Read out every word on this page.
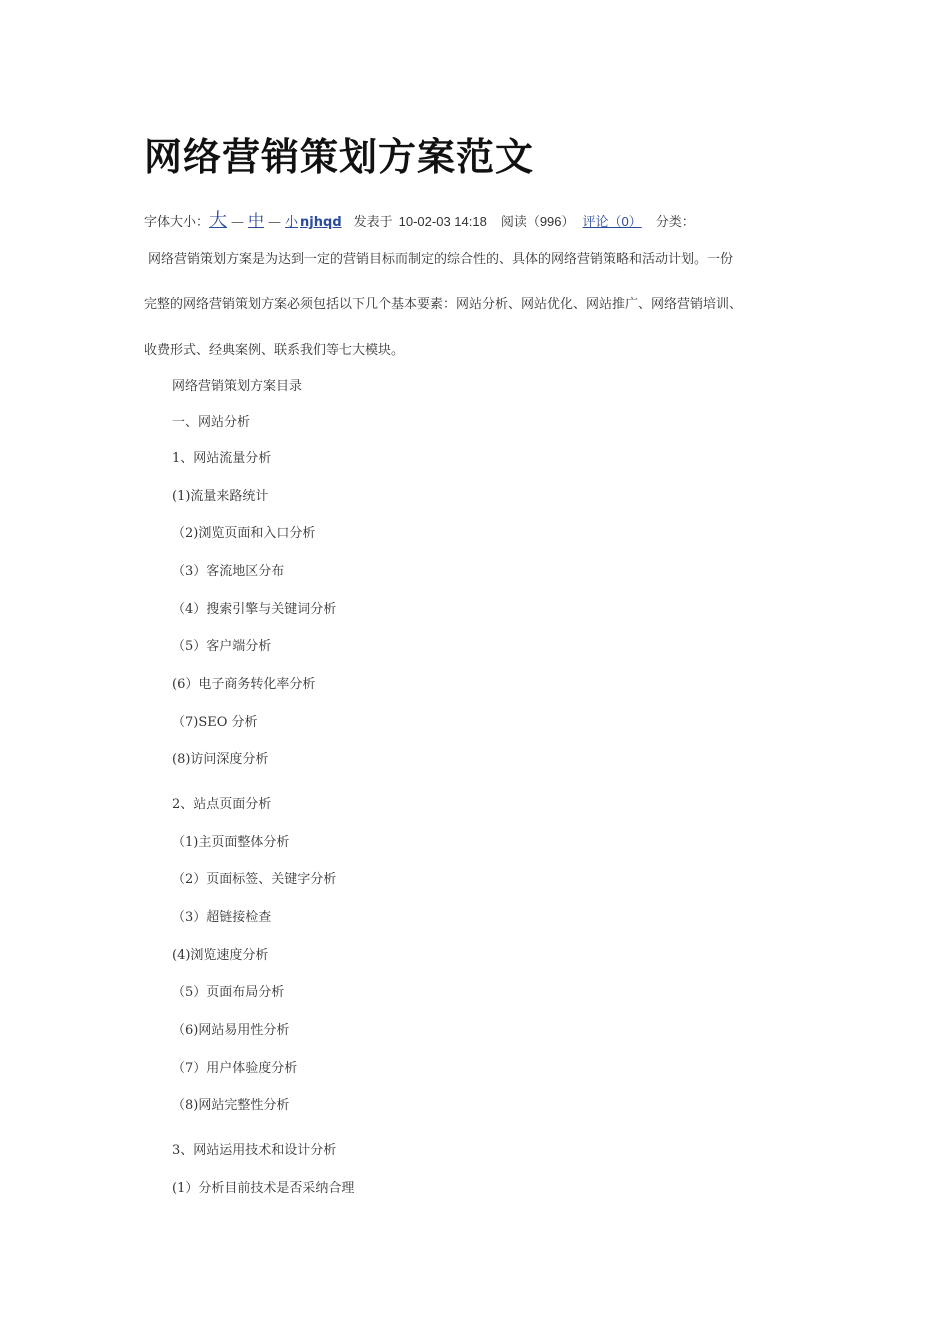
网络营销策划方案范文
字体大小： 大 — 中 — 小 njhqd 发表于 10-02-03 14:18 阅读（996） 评论（0） 分类：
网络营销策划方案是为达到一定的营销目标而制定的综合性的、具体的网络营销策略和活动计划。一份
完整的网络营销策划方案必须包括以下几个基本要素：网站分析、网站优化、网站推广、网络营销培训、
收费形式、经典案例、联系我们等七大模块。
网络营销策划方案目录
一、网站分析
1、网站流量分析
(1)流量来路统计
（2)浏览页面和入口分析
（3）客流地区分布
（4）搜索引擎与关键词分析
（5）客户端分析
(6）电子商务转化率分析
（7)SEO 分析
(8)访问深度分析
2、站点页面分析
（1)主页面整体分析
（2）页面标签、关键字分析
（3）超链接检查
(4)浏览速度分析
（5）页面布局分析
（6)网站易用性分析
（7）用户体验度分析
（8)网站完整性分析
3、网站运用技术和设计分析
(1）分析目前技术是否采纳合理
